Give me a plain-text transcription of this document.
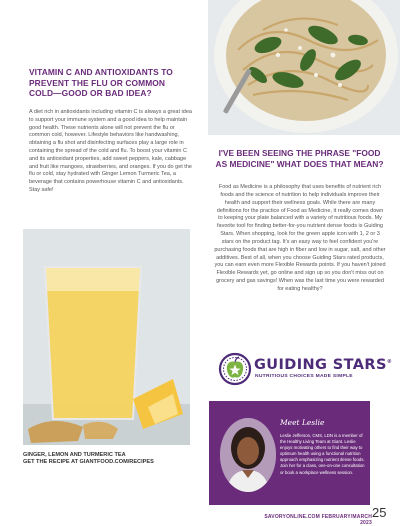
VITAMIN C AND ANTIOXIDANTS TO PREVENT THE FLU OR COMMON COLD—GOOD OR BAD IDEA?
A diet rich in antioxidants including vitamin C is always a great idea to support your immune system and a good idea to help maintain good health. These nutrients alone will not prevent the flu or common cold, however. Lifestyle behaviors like handwashing, obtaining a flu shot and disinfecting surfaces play a large role in containing the spread of the cold and flu. To boost your vitamin C and its antioxidant properties, add sweet peppers, kale, cabbage and fruit like mangoes, strawberries, and oranges. If you do get the flu or cold, stay hydrated with Ginger Lemon Turmeric Tea, a beverage that contains powerhouse vitamin C and antioxidants. Stay safe!
GINGER, LEMON AND TURMERIC TEA
GET THE RECIPE AT GIANTFOOD.COM/RECIPES
I'VE BEEN SEEING THE PHRASE "FOOD AS MEDICINE" WHAT DOES THAT MEAN?
Food as Medicine is a philosophy that uses benefits of nutrient rich foods and the science of nutrition to help individuals improve their health and support their wellness goals. While there are many definitions for the practice of Food as Medicine, it really comes down to keeping your plate balanced with a variety of nutritious foods. My favorite tool for finding better-for-you nutrient dense foods is Guiding Stars. When shopping, look for the green apple icon with 1, 2 or 3 stars on the product tag. It's an easy way to feel confident you're purchasing foods that are high in fiber and low in sugar, salt, and other additives. Best of all, when you choose Guiding Stars rated products, you can earn even more Flexible Rewards points. If you haven't joined Flexible Rewards yet, go online and sign up so you don't miss out on grocery and gas savings! When was the last time you were rewarded for eating healthy?
GUIDING STARS®
NUTRITIOUS CHOICES MADE SIMPLE
Meet Leslie
Leslie Jefferson, CMS, LDN is a member of the Healthy Living Team at Giant. Leslie enjoys motivating others to find their way to optimum health using a functional nutrition approach emphasizing nutrient dense foods. Join her for a class, one-on-one consultation or book a workplace wellness session.
SAVORYONLINE.COM FEBRUARY/MARCH 2023
25
